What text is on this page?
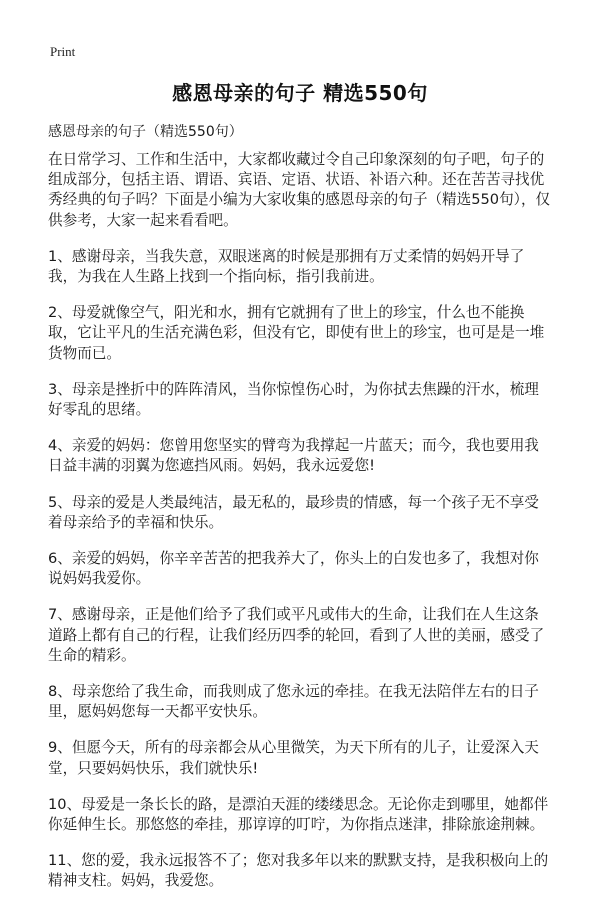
Print
感恩母亲的句子 精选550句
感恩母亲的句子（精选550句）

在日常学习、工作和生活中，大家都收藏过令自己印象深刻的句子吧，句子的组成部分，包括主语、谓语、宾语、定语、状语、补语六种。还在苦苦寻找优秀经典的句子吗？下面是小编为大家收集的感恩母亲的句子（精选550句），仅供参考，大家一起来看看吧。

1、感谢母亲，当我失意，双眼迷离的时候是那拥有万丈柔情的妈妈开导了我，为我在人生路上找到一个指向标，指引我前进。

2、母爱就像空气，阳光和水，拥有它就拥有了世上的珍宝，什么也不能换取，它让平凡的生活充满色彩，但没有它，即使有世上的珍宝，也可是是一堆货物而已。

3、母亲是挫折中的阵阵清风，当你惊惶伤心时，为你拭去焦躁的汗水，梳理好零乱的思绪。

4、亲爱的妈妈：您曾用您坚实的臂弯为我撑起一片蓝天；而今，我也要用我日益丰满的羽翼为您遮挡风雨。妈妈，我永远爱您!

5、母亲的爱是人类最纯洁，最无私的，最珍贵的情感，每一个孩子无不享受着母亲给予的幸福和快乐。

6、亲爱的妈妈，你辛辛苦苦的把我养大了，你头上的白发也多了，我想对你说妈妈我爱你。

7、感谢母亲，正是他们给予了我们或平凡或伟大的生命，让我们在人生这条道路上都有自己的行程，让我们经历四季的轮回，看到了人世的美丽，感受了生命的精彩。

8、母亲您给了我生命，而我则成了您永远的牵挂。在我无法陪伴左右的日子里，愿妈妈您每一天都平安快乐。

9、但愿今天，所有的母亲都会从心里微笑，为天下所有的儿子，让爱深入天堂，只要妈妈快乐，我们就快乐!

10、母爱是一条长长的路，是漂泊天涯的缕缕思念。无论你走到哪里，她都伴你延伸生长。那悠悠的牵挂，那谆谆的叮咛，为你指点迷津，排除旅途荆棘。

11、您的爱，我永远报答不了；您对我多年以来的默默支持，是我积极向上的精神支柱。妈妈，我爱您。
